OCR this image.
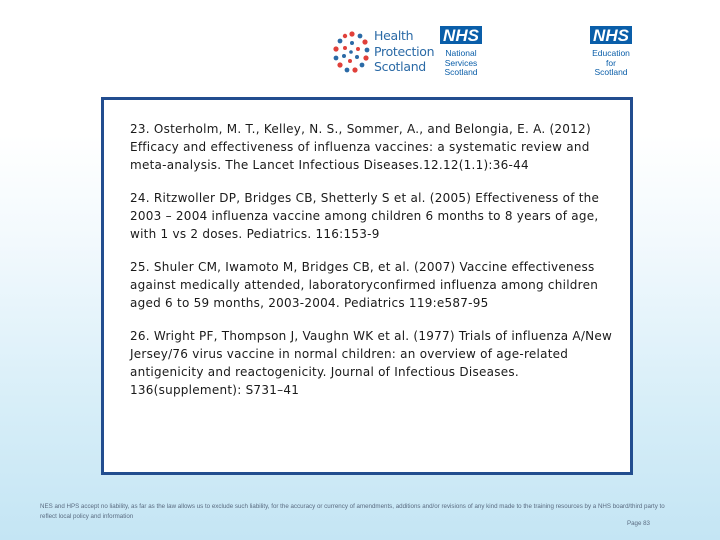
Health
Protection
Scotland
NHS
National
Services
Scotland
NHS
Education
for
Scotland

23. Osterholm, M. T., Kelley, N. S., Sommer, A., and Belongia, E. A. (2012) Efficacy and effectiveness of influenza vaccines: a systematic review and meta-analysis. The Lancet Infectious Diseases.12.12(1.1):36-44

24. Ritzwoller DP, Bridges CB, Shetterly S et al. (2005) Effectiveness of the 2003 – 2004 influenza vaccine among children 6 months to 8 years of age, with 1 vs 2 doses. Pediatrics. 116:153-9

25. Shuler CM, Iwamoto M, Bridges CB, et al. (2007) Vaccine effectiveness against medically attended, laboratoryconfirmed influenza among children aged 6 to 59 months, 2003-2004. Pediatrics 119:e587-95

26. Wright PF, Thompson J, Vaughn WK et al. (1977) Trials of influenza A/New Jersey/76 virus vaccine in normal children: an overview of age-related antigenicity and reactogenicity. Journal of Infectious Diseases. 136(supplement): S731–41

NES and HPS accept no liability, as far as the law allows us to exclude such liability, for the accuracy or currency of amendments, additions and/or revisions of any kind made to the training resources by a NHS board/third party to reflect local policy and information
Page 83
